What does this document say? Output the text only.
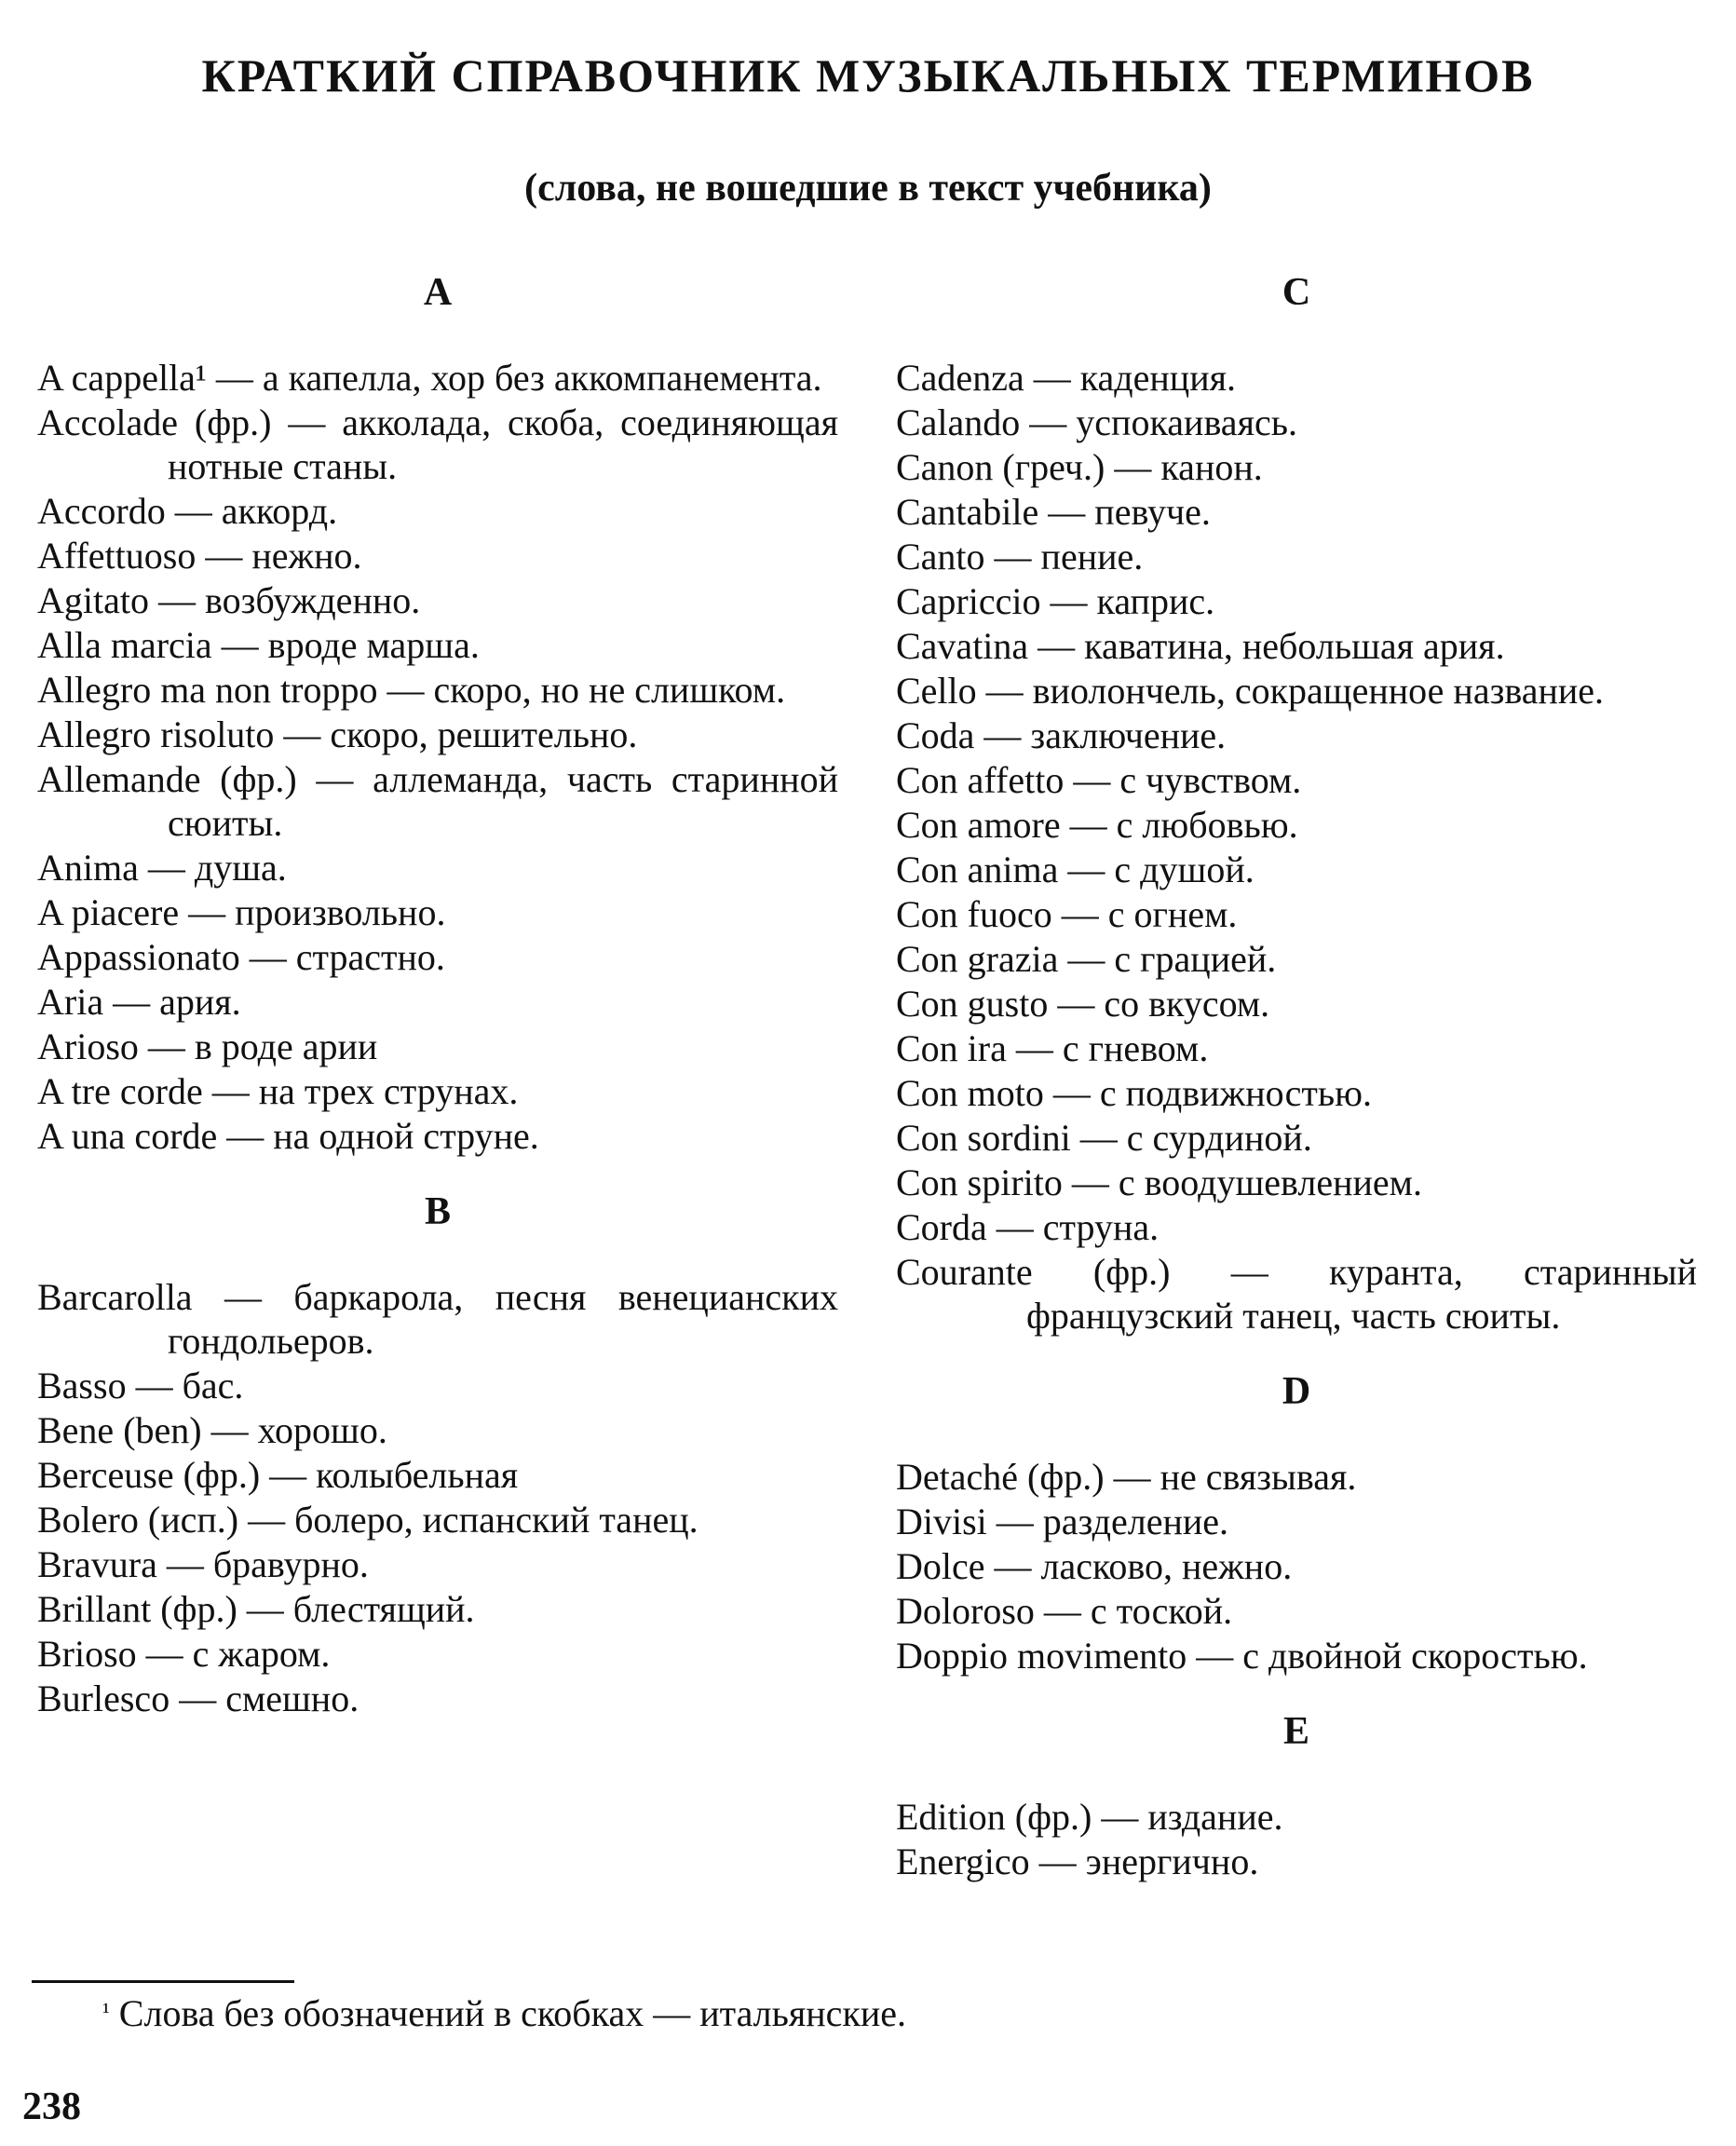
КРАТКИЙ СПРАВОЧНИК МУЗЫКАЛЬНЫХ ТЕРМИНОВ
(слова, не вошедшие в текст учебника)
A
A cappella¹ — а капелла, хор без аккомпанемента.
Accolade (фр.) — акколада, скоба, соединяющая нотные станы.
Accordo — аккорд.
Affettuoso — нежно.
Agitato — возбужденно.
Alla marcia — вроде марша.
Allegro ma non troppo — скоро, но не слишком.
Allegro risoluto — скоро, решительно.
Allemande (фр.) — аллеманда, часть старинной сюиты.
Anima — душа.
A piacere — произвольно.
Appassionato — страстно.
Aria — ария.
Arioso — в роде арии
A tre corde — на трех струнах.
A una corde — на одной струне.
B
Barcarolla — баркарола, песня венецианских гондольеров.
Basso — бас.
Bene (ben) — хорошо.
Berceuse (фр.) — колыбельная
Bolero (исп.) — болеро, испанский танец.
Bravura — бравурно.
Brillant (фр.) — блестящий.
Brioso — с жаром.
Burlesco — смешно.
C
Cadenza — каденция.
Calando — успокаиваясь.
Canon (греч.) — канон.
Cantabile — певуче.
Canto — пение.
Capriccio — каприс.
Cavatina — каватина, небольшая ария.
Cello — виолончель, сокращенное название.
Coda — заключение.
Con affetto — с чувством.
Con amore — с любовью.
Con anima — с душой.
Con fuoco — с огнем.
Con grazia — с грацией.
Con gusto — со вкусом.
Con ira — с гневом.
Con moto — с подвижностью.
Con sordini — с сурдиной.
Con spirito — с воодушевлением.
Corda — струна.
Courante (фр.) — куранта, старинный французский танец, часть сюиты.
D
Detaché (фр.) — не связывая.
Divisi — разделение.
Dolce — ласково, нежно.
Doloroso — с тоской.
Doppio movimento — с двойной скоростью.
E
Edition (фр.) — издание.
Energico — энергично.
$^{^1}$ Слова без обозначений в скобках — итальянские.
238
